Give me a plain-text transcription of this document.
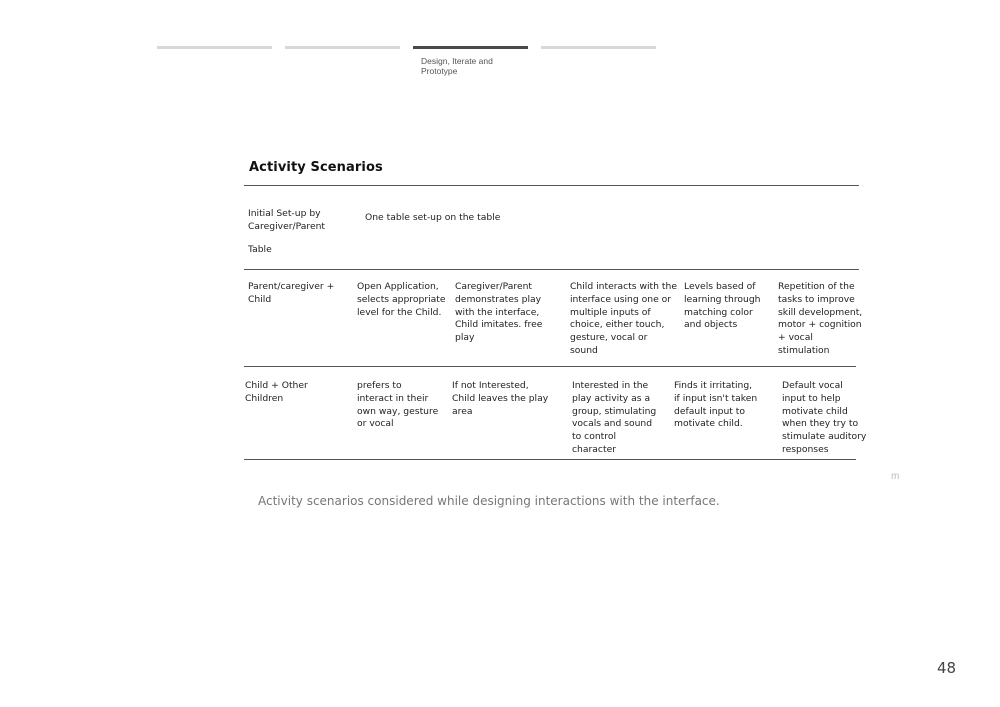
Design, Iterate and Prototype
Activity Scenarios
Initial Set-up by Caregiver/Parent
Table
One table set-up on the table
Parent/caregiver + Child
Open Application, selects appropriate level for the Child.
Caregiver/Parent demonstrates play with the interface, Child imitates. free play
Child interacts with the interface using one or multiple inputs of choice, either touch, gesture, vocal or sound
Levels based of learning through matching color and objects
Repetition of the tasks to improve skill development, motor + cognition + vocal stimulation
Child + Other Children
prefers to interact in their own way, gesture or vocal
If not Interested, Child leaves the play area
Interested in the play activity as a group, stimulating vocals and sound to control character
Finds it irritating, if input isn't taken default input to motivate child.
Default vocal input to help motivate child when they try to stimulate auditory responses
m
Activity scenarios considered while designing interactions with the interface.
48
